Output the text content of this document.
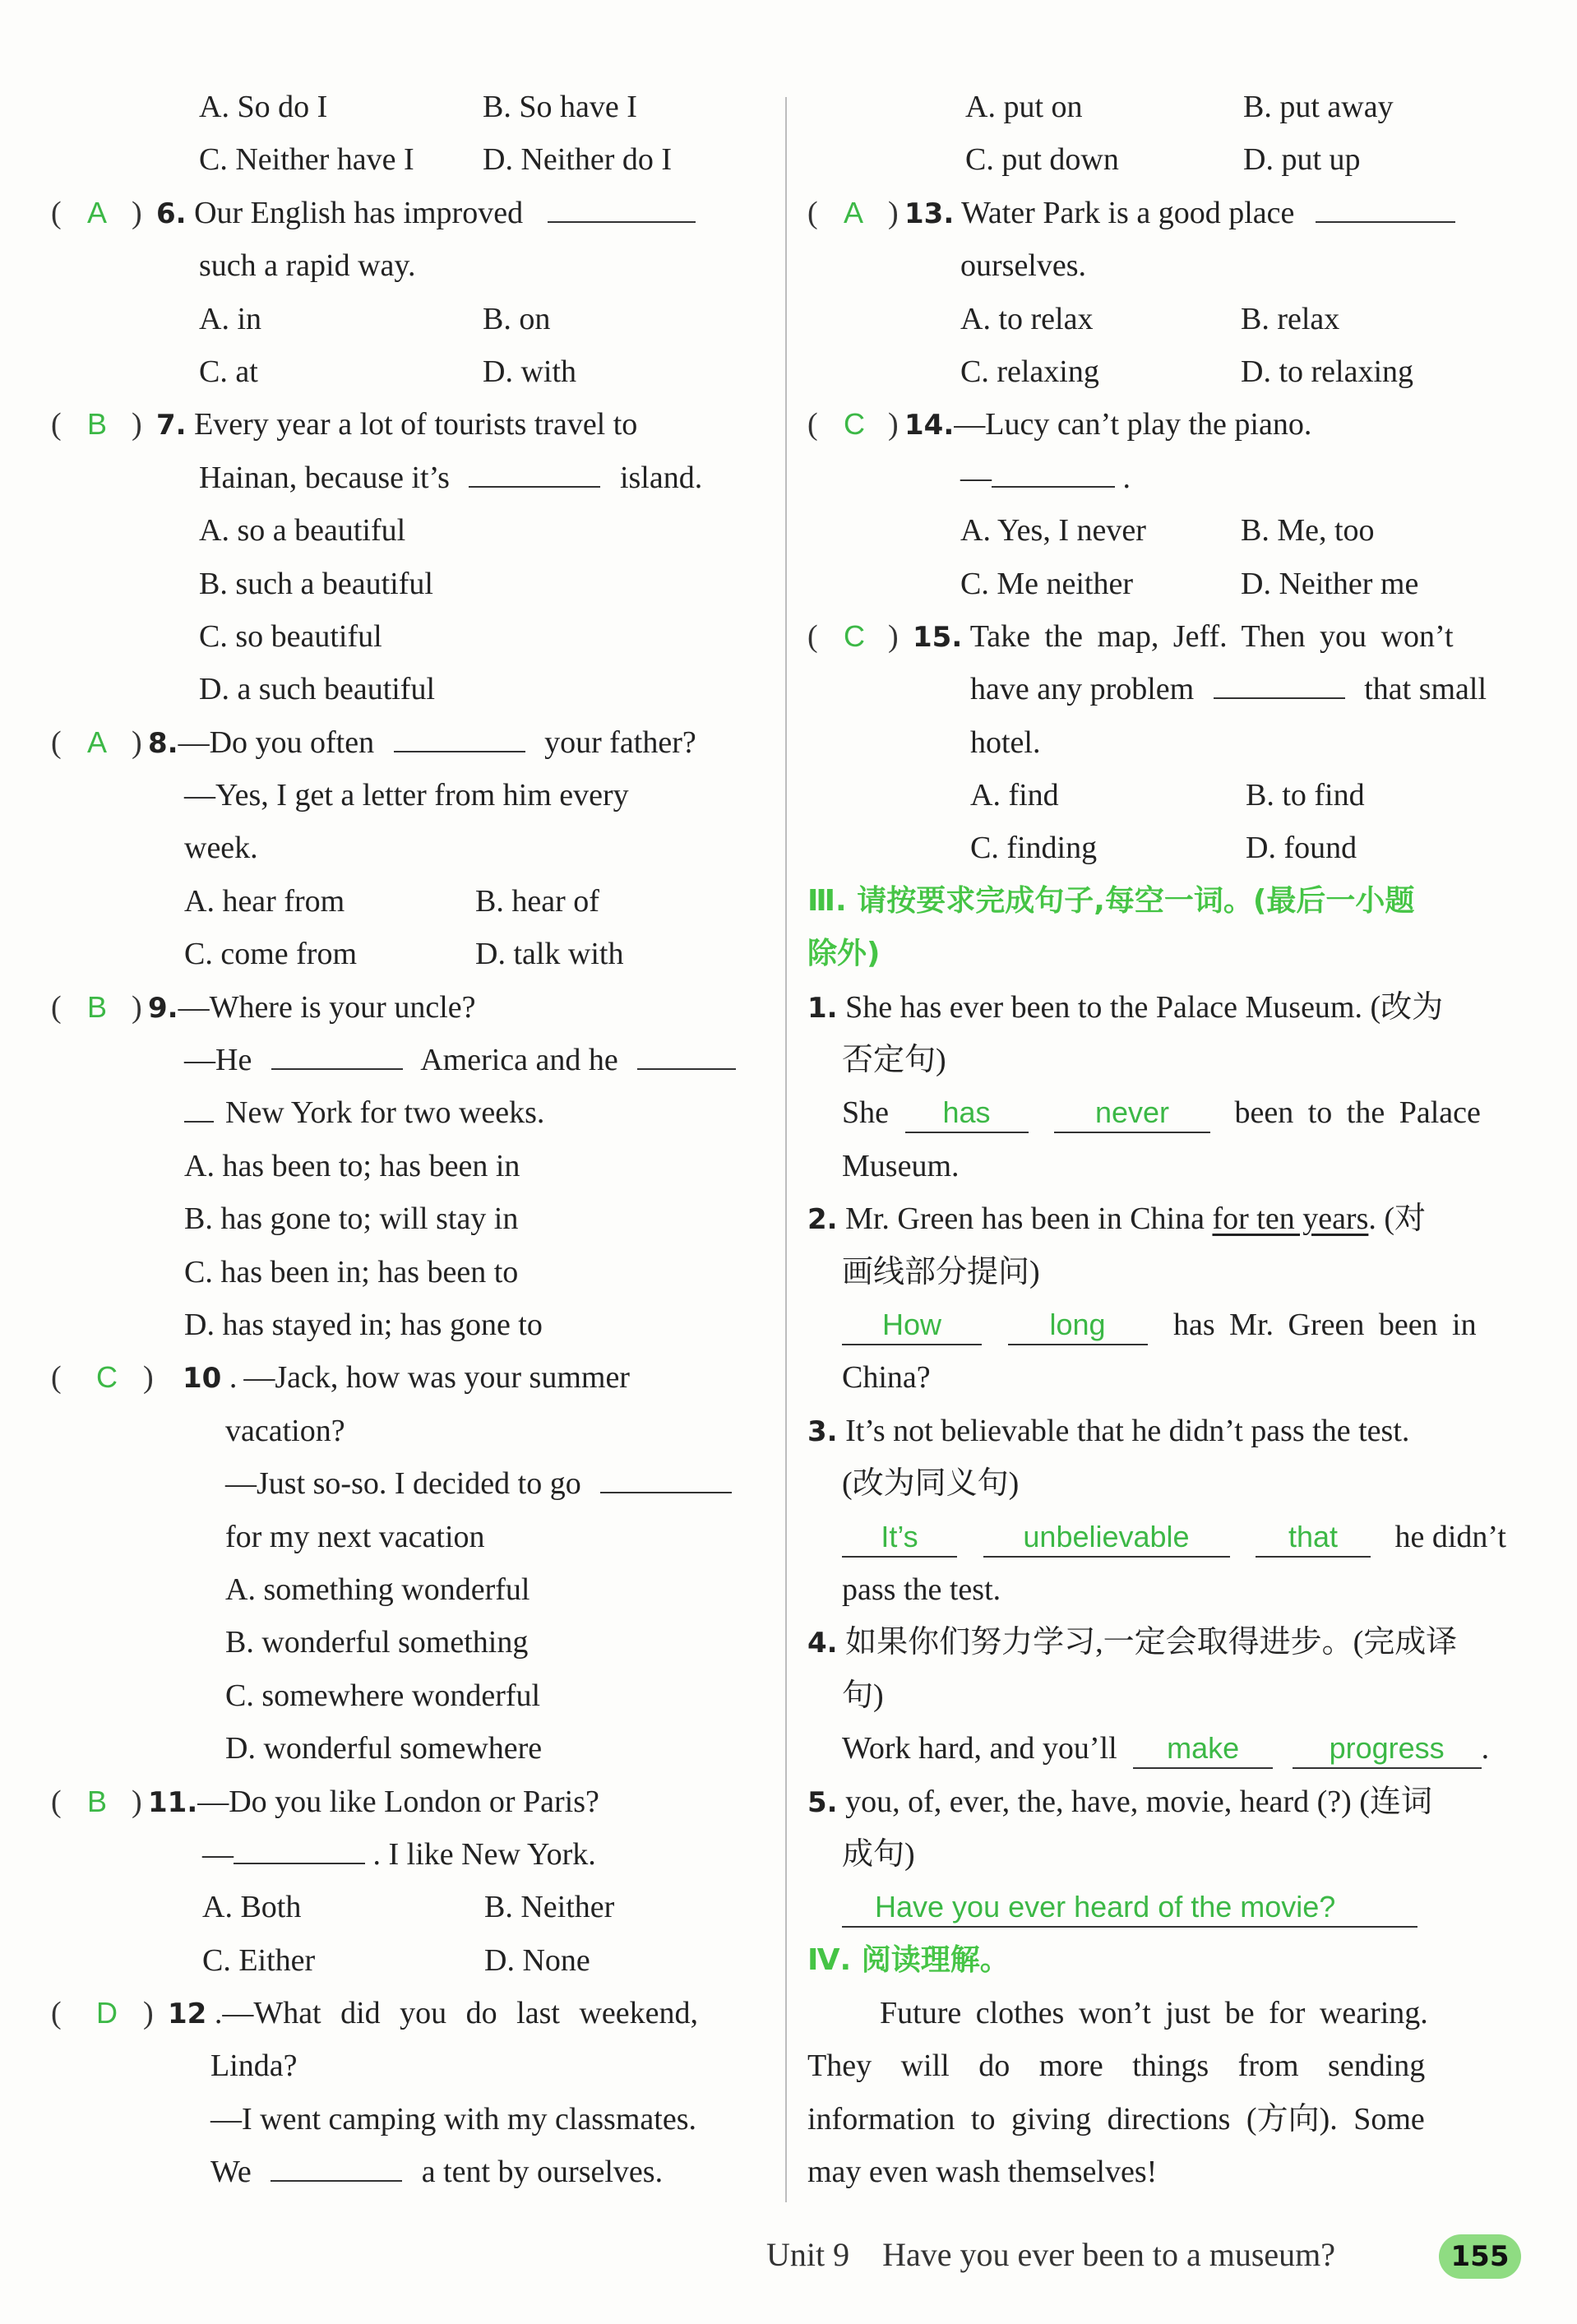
A. So do I	B. So have I
C. Neither have I	D. Neither do I
( A ) 6. Our English has improved
such a rapid way.
A. in	B. on
C. at	D. with
( B ) 7. Every year a lot of tourists travel to
Hainan, because it’s	island.
A. so a beautiful
B. such a beautiful
C. so beautiful
D. a such beautiful
( A ) 8.—Do you often	your father?
—Yes, I get a letter from him every
week.
A. hear from	B. hear of
C. come from	D. talk with
( B ) 9.—Where is your uncle?
—He	America and he
New York for two weeks.
A. has been to; has been in
B. has gone to; will stay in
C. has been in; has been to
D. has stayed in; has gone to
( C ) 10 . —Jack, how was your summer
vacation?
—Just so-so. I decided to go
for my next vacation
A. something wonderful
B. wonderful something
C. somewhere wonderful
D. wonderful somewhere
( B ) 11.—Do you like London or Paris?
—	. I like New York.
A. Both	B. Neither
C. Either	D. None
( D ) 12 .—What did you do last weekend,
Linda?
—I went camping with my classmates.
We	a tent by ourselves.
A. put on	B. put away
C. put down	D. put up
( A ) 13. Water Park is a good place
ourselves.
A. to relax	B. relax
C. relaxing	D. to relaxing
( C ) 14.—Lucy can’t play the piano.
—	.
A. Yes, I never	B. Me, too
C. Me neither	D. Neither me
( C ) 15. Take the map, Jeff. Then you won’t
have any problem	that small
hotel.
A. find	B. to find
C. finding	D. found
Ⅲ. 请按要求完成句子,每空一词。(最后一小题
除外)
1. She has ever been to the Palace Museum. (改为
否定句)
She has	never been to the Palace
Museum.
2. Mr. Green has been in China for ten years. (对
画线部分提问)
How	long has Mr. Green been in
China?
3. It’s not believable that he didn’t pass the test.
(改为同义句)
It’s	unbelievable	that he didn’t
pass the test.
4. 如果你们努力学习,一定会取得进步。(完成译
句)
Work hard, and you’ll make	progress .
5. you, of, ever, the, have, movie, heard (?) (连词
成句)
Have you ever heard of the movie?
Ⅳ. 阅读理解。
Future clothes won’t just be for wearing.
They will do more things from sending
information to giving directions (方向). Some
may even wash themselves!
Unit 9 Have you ever been to a museum?	155
